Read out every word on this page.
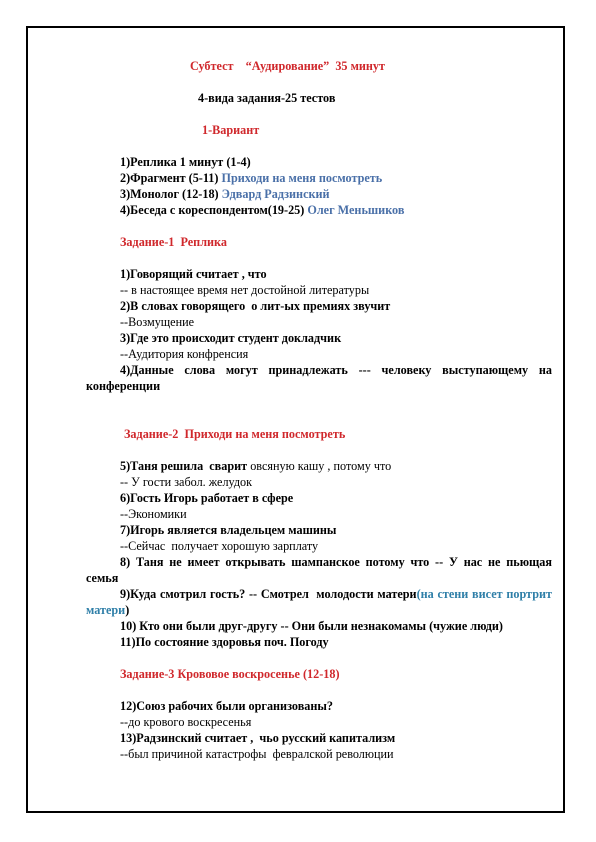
Субтест “Аудирование”  35 минут

4-вида задания-25 тестов

1-Вариант

1)Реплика 1 минут (1-4)

2)Фрагмент (5-11) Приходи на меня посмотреть

3)Монолог (12-18) Эдвард Радзинский

4)Беседа с кореспондентом(19-25) Олег Меньшиков

Задание-1  Реплика

1)Говорящий считает , что

-- в настоящее время нет достойной литературы

2)В словах говорящего  о лит-ых премиях звучит

--Возмущение

3)Где это происходит студент докладчик

--Аудитория конфренсия

4)Данные слова могут принадлежать --- человеку выступающему на конференции

Задание-2  Приходи на меня посмотреть

5)Таня решила  сварит овсяную кашу , потому что

-- У гости забол. желудок

6)Гость Игорь работает в сфере

--Экономики

7)Игорь является владельцем машины

--Сейчас  получает хорошую зарплату

8) Таня не имеет открывать шампанское потому что -- У нас не пьющая семья

9)Куда смотрил гость? -- Смотрел  молодости матери(на стени висет портрит матери)

10) Кто они были друг-другу -- Они были незнакомамы (чужие люди)

11)По состояние здоровья поч. Погоду

Задание-3 Крововое воскросенье (12-18)

12)Союз рабочих были организованы?

--до кровогo воскресенья

13)Радзинский считает ,  чьо русский капитализм

--был причиной катастрофы  февралской революции
